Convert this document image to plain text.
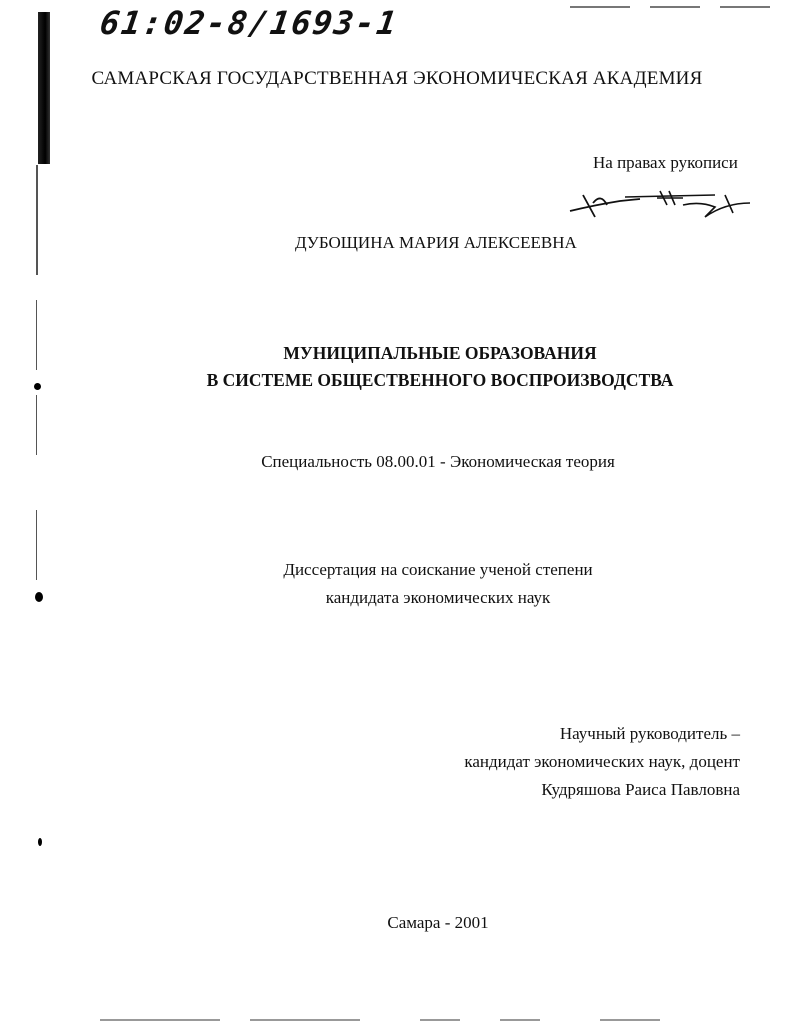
61:02-8/1693-1
САМАРСКАЯ ГОСУДАРСТВЕННАЯ ЭКОНОМИЧЕСКАЯ АКАДЕМИЯ
На правах рукописи
ДУБОЩИНА МАРИЯ АЛЕКСЕЕВНА
МУНИЦИПАЛЬНЫЕ ОБРАЗОВАНИЯ
В СИСТЕМЕ ОБЩЕСТВЕННОГО ВОСПРОИЗВОДСТВА
Специальность 08.00.01 - Экономическая теория
Диссертация на соискание ученой степени
кандидата экономических наук
Научный руководитель –
кандидат экономических наук, доцент
Кудряшова Раиса Павловна
Самара - 2001
